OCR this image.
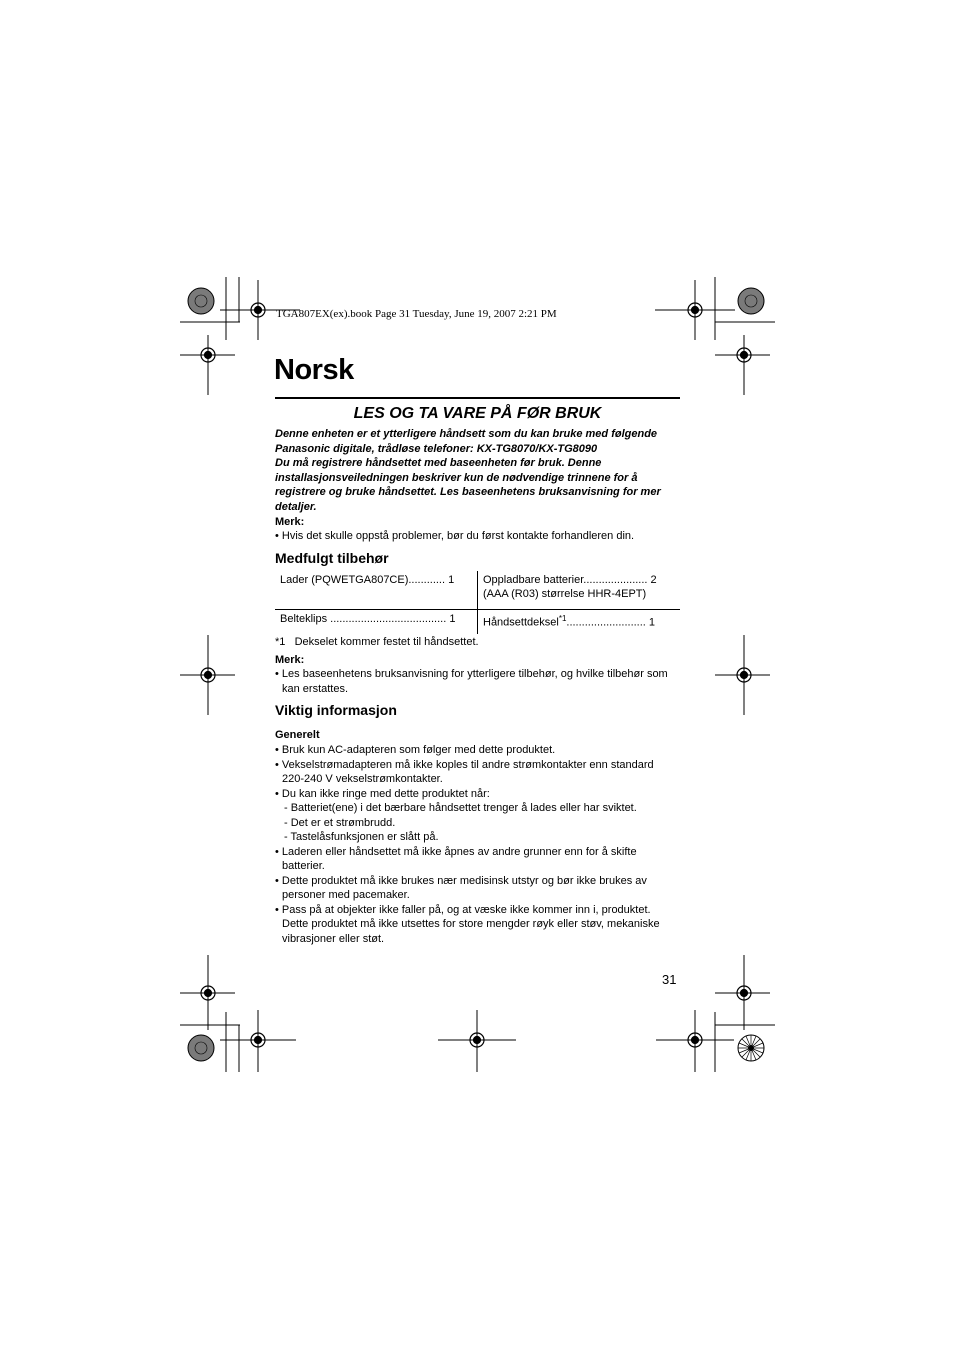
TGA807EX(ex).book Page 31 Tuesday, June 19, 2007 2:21 PM
Norsk
LES OG TA VARE PÅ FØR BRUK

Denne enheten er et ytterligere håndsett som du kan bruke med følgende

Panasonic digitale, trådløse telefoner: KX-TG8070/KX-TG8090

Du må registrere håndsettet med baseenheten før bruk. Denne

installasjonsveiledningen beskriver kun de nødvendige trinnene for å

registrere og bruke håndsettet. Les baseenhetens bruksanvisning for mer

detaljer.

Merk:
• Hvis det skulle oppstå problemer, bør du først kontakte forhandleren din.
Medfulgt tilbehør
Lader (PQWETGA807CE)............ 1	Oppladbare batterier..................... 2
(AAA (R03) størrelse HHR-4EPT)
Belteklips ...................................... 1	Håndsettdeksel$^{*1}$.......................... 1
*1   Dekselet kommer festet til håndsettet.
Merk:
• Les baseenhetens bruksanvisning for ytterligere tilbehør, og hvilke tilbehør som
kan erstattes.
Viktig informasjon
Generelt
• Bruk kun AC-adapteren som følger med dette produktet.
• Vekselstrømadapteren må ikke koples til andre strømkontakter enn standard
220-240 V vekselstrømkontakter.
• Du kan ikke ringe med dette produktet når:
- Batteriet(ene) i det bærbare håndsettet trenger å lades eller har sviktet.
- Det er et strømbrudd.
- Tastelåsfunksjonen er slått på.
• Laderen eller håndsettet må ikke åpnes av andre grunner enn for å skifte
batterier.
• Dette produktet må ikke brukes nær medisinsk utstyr og bør ikke brukes av
personer med pacemaker.
• Pass på at objekter ikke faller på, og at væske ikke kommer inn i, produktet.
Dette produktet må ikke utsettes for store mengder røyk eller støv, mekaniske
vibrasjoner eller støt.
31
